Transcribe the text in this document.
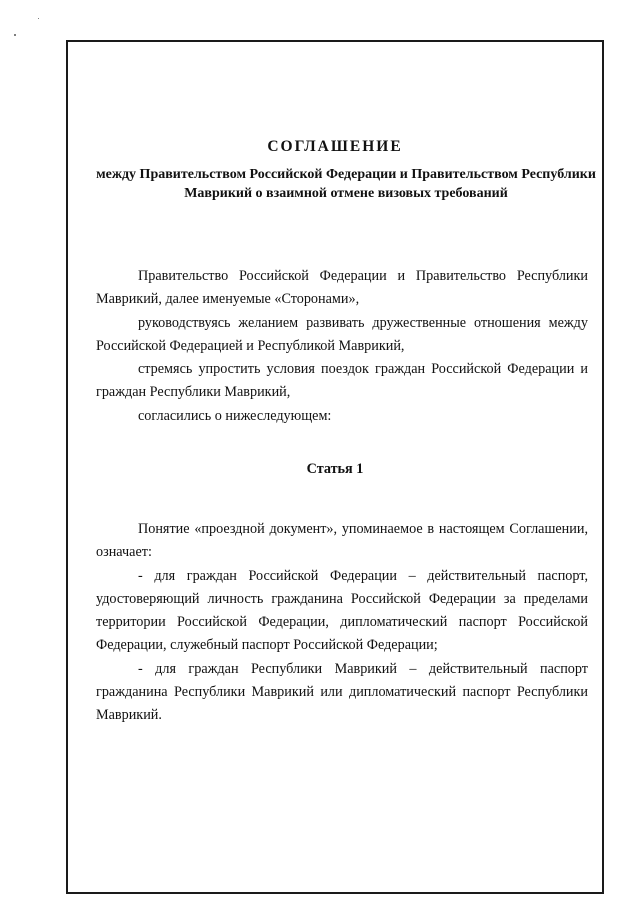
СОГЛАШЕНИЕ
между Правительством Российской Федерации и Правительством Республики Маврикий о взаимной отмене визовых требований

Правительство Российской Федерации и Правительство Республики Маврикий, далее именуемые «Сторонами»,

руководствуясь желанием развивать дружественные отношения между Российской Федерацией и Республикой Маврикий,

стремясь упростить условия поездок граждан Российской Федерации и граждан Республики Маврикий,

согласились о нижеследующем:

Статья 1

Понятие «проездной документ», упоминаемое в настоящем Соглашении, означает:

- для граждан Российской Федерации – действительный паспорт, удостоверяющий личность гражданина Российской Федерации за пределами территории Российской Федерации, дипломатический паспорт Российской Федерации, служебный паспорт Российской Федерации;

- для граждан Республики Маврикий – действительный паспорт гражданина Республики Маврикий или дипломатический паспорт Республики Маврикий.
